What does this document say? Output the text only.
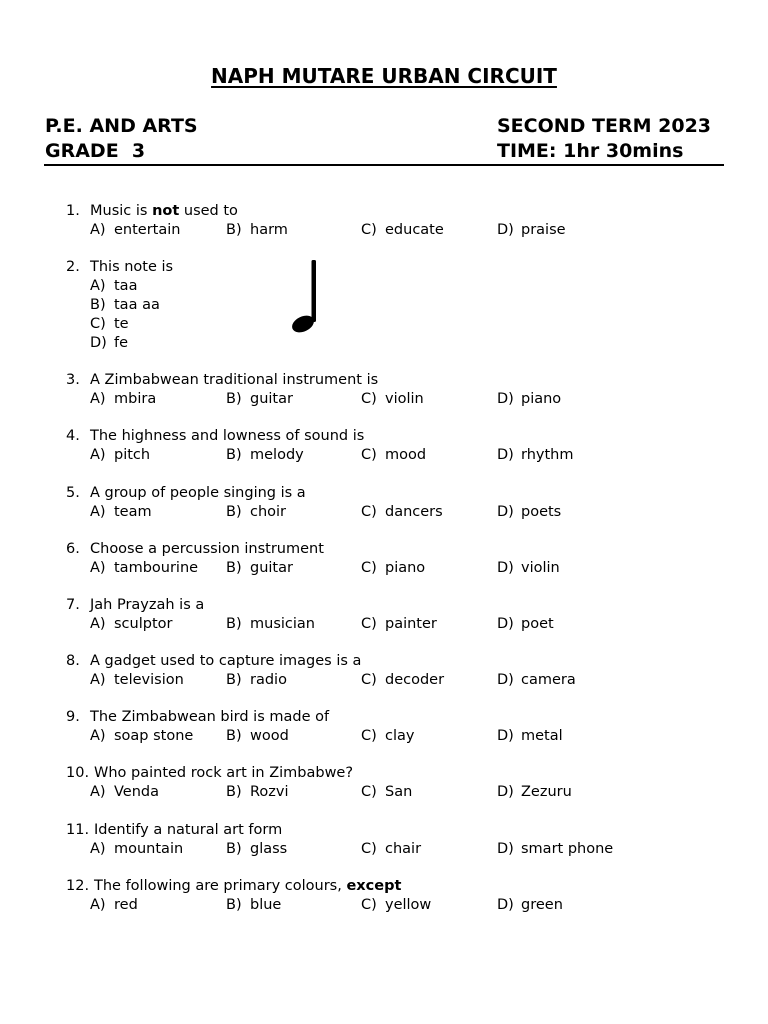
NAPH MUTARE URBAN CIRCUIT
P.E. AND ARTS
GRADE  3
SECOND TERM 2023
TIME: 1hr 30mins
1. Music is not used to
A) entertain	B) harm	C) educate	D) praise
2. This note is
A) taa
B) taa aa
C) te
D) fe
3. A Zimbabwean traditional instrument is
A) mbira	B) guitar	C) violin	D) piano
4. The highness and lowness of sound is
A) pitch	B) melody	C) mood	D) rhythm
5. A group of people singing is a
A) team	B) choir	C) dancers	D) poets
6. Choose a percussion instrument
A) tambourine B) guitar	C) piano	D) violin
7. Jah Prayzah is a
A) sculptor	B) musician	C) painter	D) poet
8. A gadget used to capture images is a
A) television	B) radio	C) decoder	D) camera
9. The Zimbabwean bird is made of
A) soap stone B) wood	C) clay	D) metal
10. Who painted rock art in Zimbabwe?
A) Venda	B) Rozvi	C) San	D) Zezuru
11. Identify a natural art form
A) mountain	B) glass	C) chair	D) smart phone
12. The following are primary colours, except
A) red	B) blue	C) yellow	D) green
